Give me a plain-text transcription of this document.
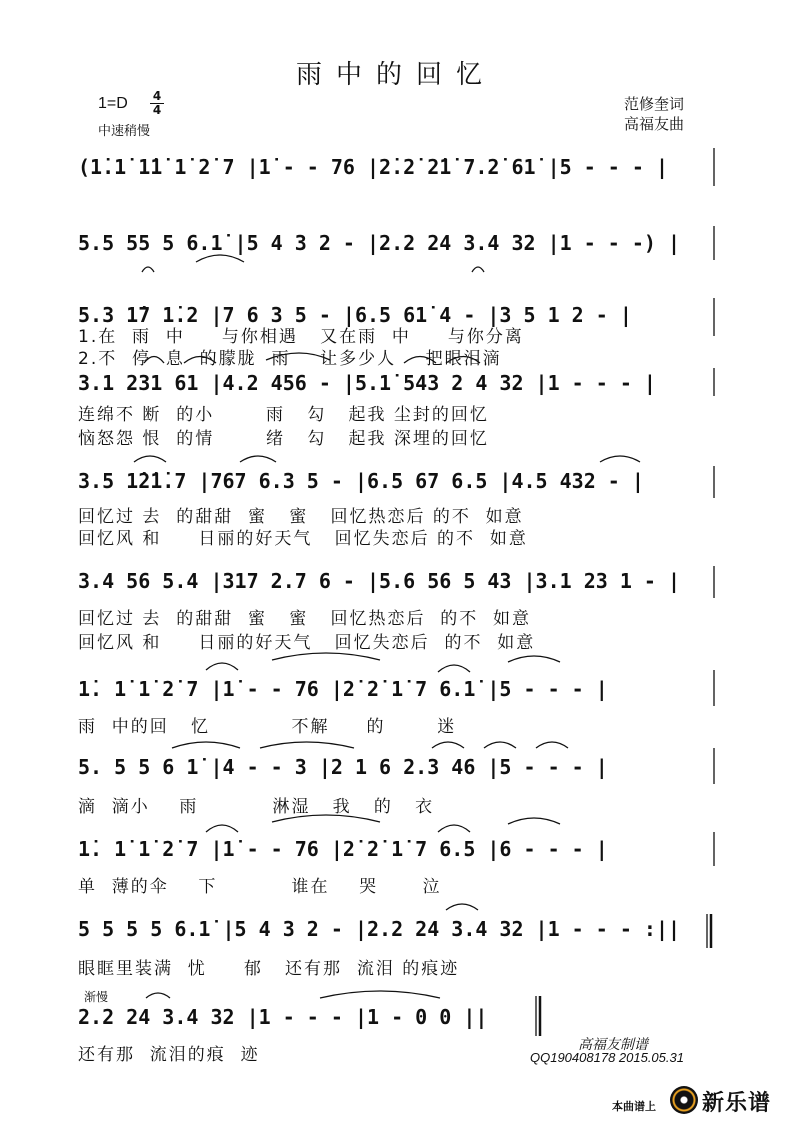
雨中的回忆
1=D 4
4
中速稍慢
范修奎词
高福友曲
(1̇.1̇ 1̇1̇ 1̇ 2̇ 7 |1̇ - - 76 |2̇.2̇ 2̇1̇ 7.2̇ 61̇ |5 - - - |
5.5 55 5 6.1̇ |5 4 3 2 - |2.2 24 3.4 32 |1 - - -) |
5.3 1̇7 1̇.2 |7 6 3 5 - |6.5 61̇ 4 - |3 5 1 2 - |
1.在  雨  中     与你相遇   又在雨  中     与你分离
2.不  停  息  的朦胧  雨    让多少人    把眼泪滴
3.1 231 61 |4.2 456 - |5.1̇ 543 2 4 32 |1 - - - |
连绵不 断  的小       雨   勾   起我 尘封的回忆
恼怒怨 恨  的情       绪   勾   起我 深埋的回忆
3.5 1̇2̇1̇.7 |767 6.3 5 - |6.5 67 6.5 |4.5 432 - |
回忆过 去  的甜甜  蜜   蜜   回忆热恋后 的不  如意
回忆风 和     日丽的好天气   回忆失恋后 的不  如意
3.4 56 5.4 |317 2.7 6 - |5.6 56 5 43 |3.1 23 1 - |
回忆过 去  的甜甜  蜜   蜜   回忆热恋后  的不  如意
回忆风 和     日丽的好天气   回忆失恋后  的不  如意
1̇. 1̇ 1̇ 2̇ 7 |1̇ - - 76 |2̇ 2̇ 1̇ 7 6.1̇ |5 - - - |
雨  中的回   忆           不解     的       迷
5. 5 5 6 1̇ |4 - - 3 |2 1 6 2.3 46 |5 - - - |
滴  滴小    雨          淋湿   我   的   衣
1̇. 1̇ 1̇ 2̇ 7 |1̇ - - 76 |2̇ 2̇ 1̇ 7 6.5 |6 - - - |
单  薄的伞    下          谁在    哭      泣
5 5 5 5 6.1̇ |5 4 3 2 - |2.2 24 3.4 32 |1 - - - :||
眼眶里装满  忧     郁   还有那  流泪 的痕迹
渐慢
2.2 24 3.4 32 |1 - - - |1 - 0 0 ||
还有那  流泪的痕  迹	高福友制谱
QQ190408178 2015.05.31
本曲谱上 新乐谱
